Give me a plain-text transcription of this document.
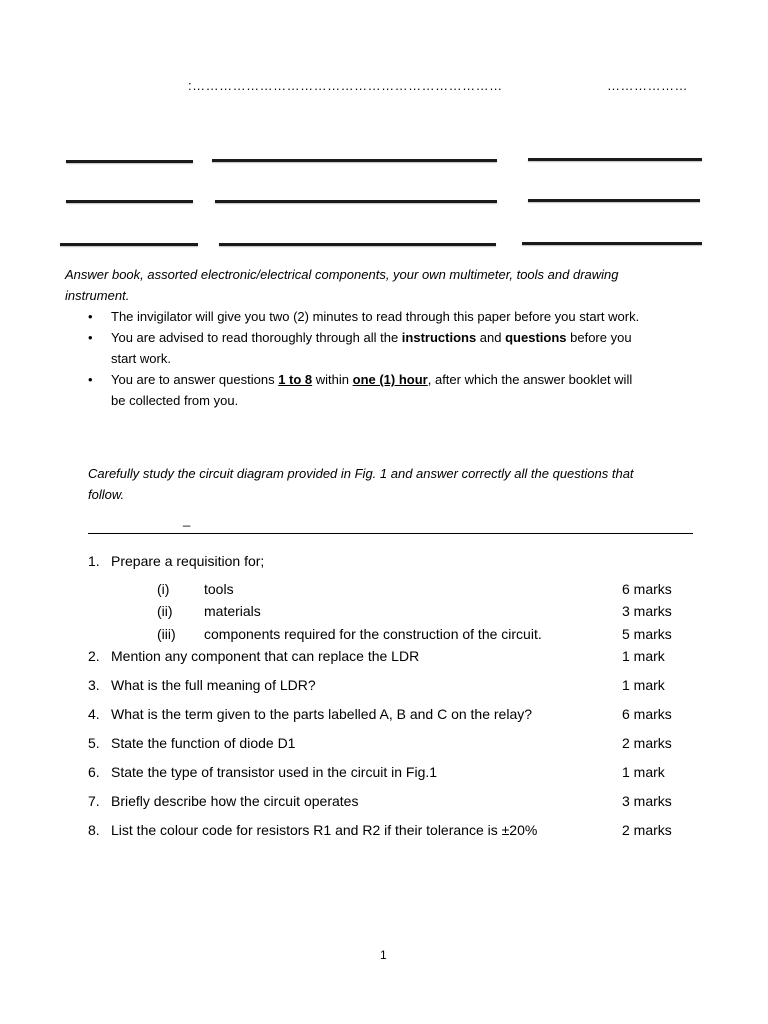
:……………………………………………………………	………………
Answer book, assorted electronic/electrical components, your own multimeter, tools and drawing
instrument.
•	The invigilator will give you two (2) minutes to read through this paper before you start work.
•	You are advised to read thoroughly through all the instructions and questions before you
start work.
•	You are to answer questions 1 to 8 within one (1) hour, after which the answer booklet will
be collected from you.
Carefully study the circuit diagram provided in Fig. 1 and answer correctly all the questions that
follow.
_
1. Prepare a requisition for;
(i) tools	6 marks
(ii) materials	3 marks
(iii) components required for the construction of the circuit.	5 marks
2. Mention any component that can replace the LDR	1 mark
3. What is the full meaning of LDR?	1 mark
4. What is the term given to the parts labelled A, B and C on the relay?	6 marks
5. State the function of diode D1	2 marks
6. State the type of transistor used in the circuit in Fig.1	1 mark
7. Briefly describe how the circuit operates	3 marks
8. List the colour code for resistors R1 and R2 if their tolerance is ±20%	2 marks
1
